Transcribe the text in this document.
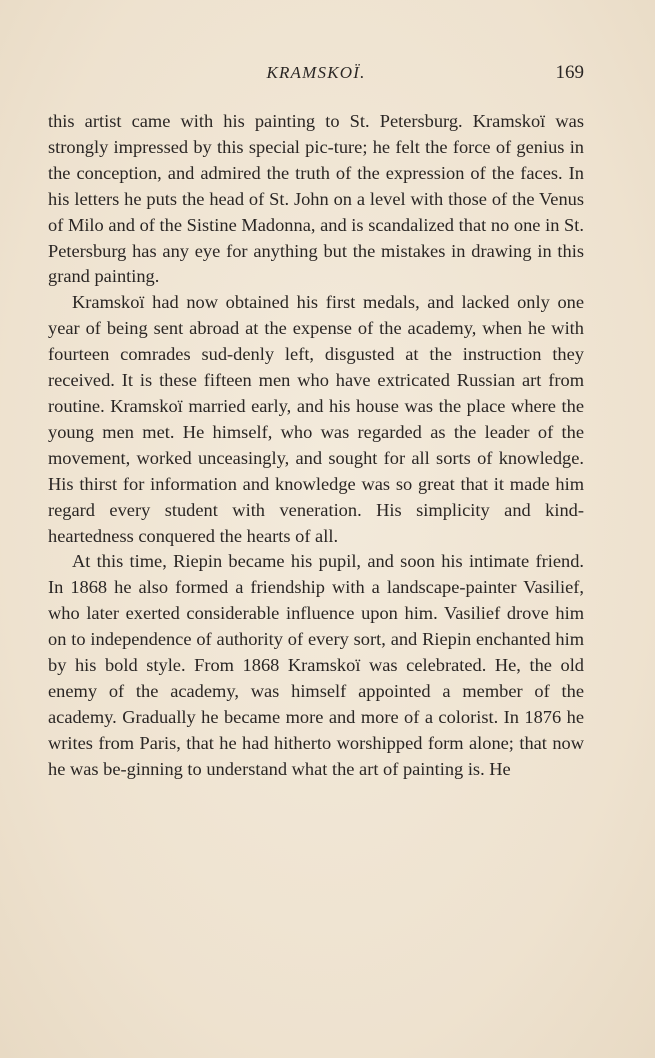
KRAMSKOÏ.	169

this artist came with his painting to St. Petersburg. Kramskoï was strongly impressed by this special pic-ture; he felt the force of genius in the conception, and admired the truth of the expression of the faces. In his letters he puts the head of St. John on a level with those of the Venus of Milo and of the Sistine Madonna, and is scandalized that no one in St. Petersburg has any eye for anything but the mistakes in drawing in this grand painting.

Kramskoï had now obtained his first medals, and lacked only one year of being sent abroad at the expense of the academy, when he with fourteen comrades sud-denly left, disgusted at the instruction they received. It is these fifteen men who have extricated Russian art from routine. Kramskoï married early, and his house was the place where the young men met. He himself, who was regarded as the leader of the movement, worked unceasingly, and sought for all sorts of knowledge. His thirst for information and knowledge was so great that it made him regard every student with veneration. His simplicity and kind-heartedness conquered the hearts of all.

At this time, Riepin became his pupil, and soon his intimate friend. In 1868 he also formed a friendship with a landscape-painter Vasilief, who later exerted considerable influence upon him. Vasilief drove him on to independence of authority of every sort, and Riepin enchanted him by his bold style. From 1868 Kramskoï was celebrated. He, the old enemy of the academy, was himself appointed a member of the academy. Gradually he became more and more of a colorist. In 1876 he writes from Paris, that he had hitherto worshipped form alone; that now he was be-ginning to understand what the art of painting is. He
